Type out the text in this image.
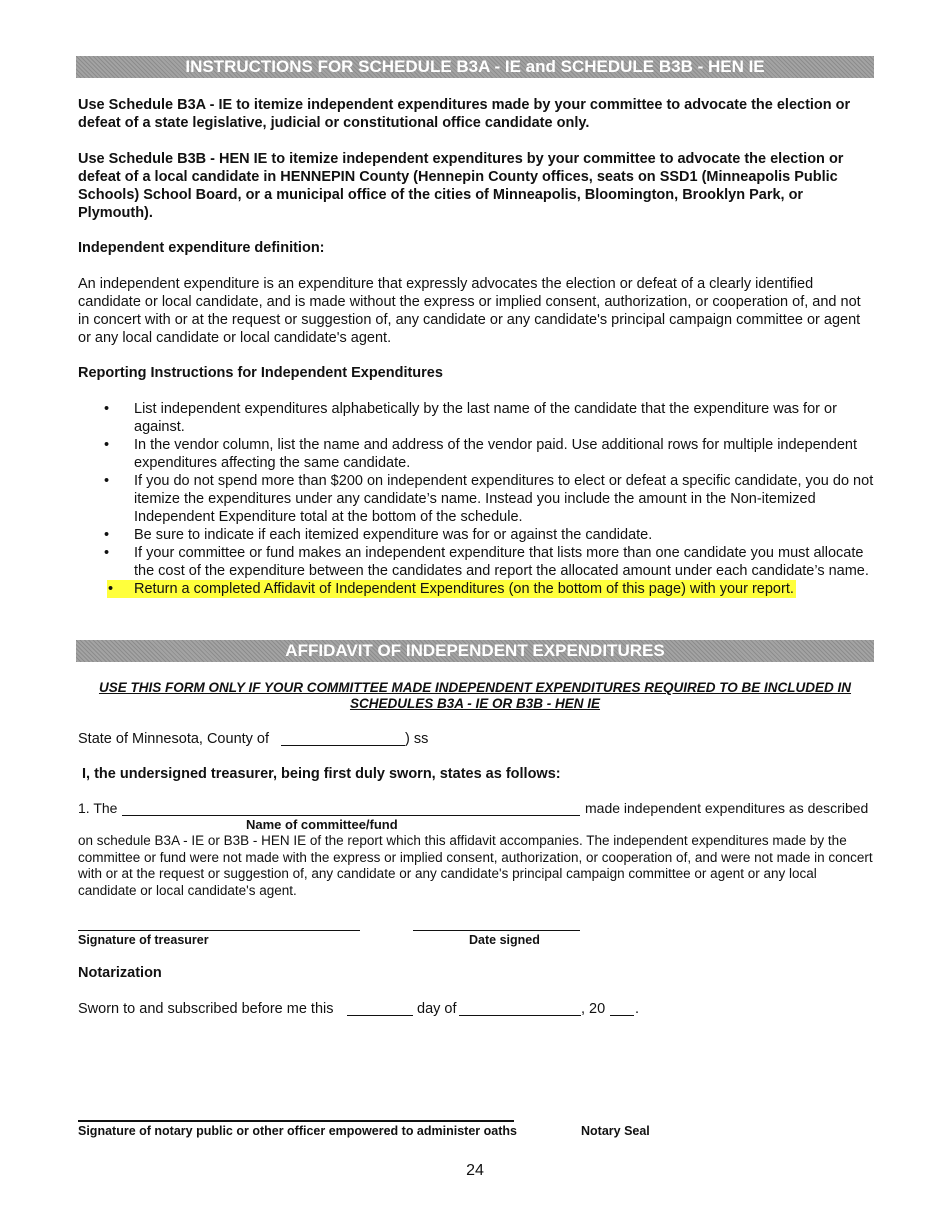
INSTRUCTIONS FOR SCHEDULE B3A - IE and SCHEDULE B3B - HEN IE
Use Schedule B3A - IE to itemize independent expenditures made by your committee to advocate the election or defeat of a state legislative, judicial or constitutional office candidate only.
Use Schedule B3B - HEN IE to itemize independent expenditures by your committee to advocate the election or defeat of a local candidate in HENNEPIN County (Hennepin County offices, seats on SSD1 (Minneapolis Public Schools) School Board, or a municipal office of the cities of Minneapolis, Bloomington, Brooklyn Park, or Plymouth).
Independent expenditure definition:
An independent expenditure is an expenditure that expressly advocates the election or defeat of a clearly identified candidate or local candidate, and is made without the express or implied consent, authorization, or cooperation of, and not in concert with or at the request or suggestion of, any candidate or any candidate's principal campaign committee or agent or any local candidate or local candidate's agent.
Reporting Instructions for Independent Expenditures
• List independent expenditures alphabetically by the last name of the candidate that the expenditure was for or against.
• In the vendor column, list the name and address of the vendor paid. Use additional rows for multiple independent expenditures affecting the same candidate.
• If you do not spend more than $200 on independent expenditures to elect or defeat a specific candidate, you do not itemize the expenditures under any candidate’s name. Instead you include the amount in the Non-itemized Independent Expenditure total at the bottom of the schedule.
• Be sure to indicate if each itemized expenditure was for or against the candidate.
• If your committee or fund makes an independent expenditure that lists more than one candidate you must allocate the cost of the expenditure between the candidates and report the allocated amount under each candidate’s name.
• Return a completed Affidavit of Independent Expenditures (on the bottom of this page) with your report.
AFFIDAVIT OF INDEPENDENT EXPENDITURES
USE THIS FORM ONLY IF YOUR COMMITTEE MADE INDEPENDENT EXPENDITURES REQUIRED TO BE INCLUDED IN
SCHEDULES B3A - IE OR B3B - HEN IE
State of Minnesota, County of	) ss
I, the undersigned treasurer, being first duly sworn, states as follows:
1. The	made independent expenditures as described
Name of committee/fund
on schedule B3A - IE or B3B - HEN IE of the report which this affidavit accompanies. The independent expenditures made by the committee or fund were not made with the express or implied consent, authorization, or cooperation of, and were not made in concert with or at the request or suggestion of, any candidate or any candidate's principal campaign committee or agent or any local candidate or local candidate's agent.
Signature of treasurer	Date signed
Notarization
Sworn to and subscribed before me this	day of	, 20 .
Signature of notary public or other officer empowered to administer oaths	Notary Seal
24
